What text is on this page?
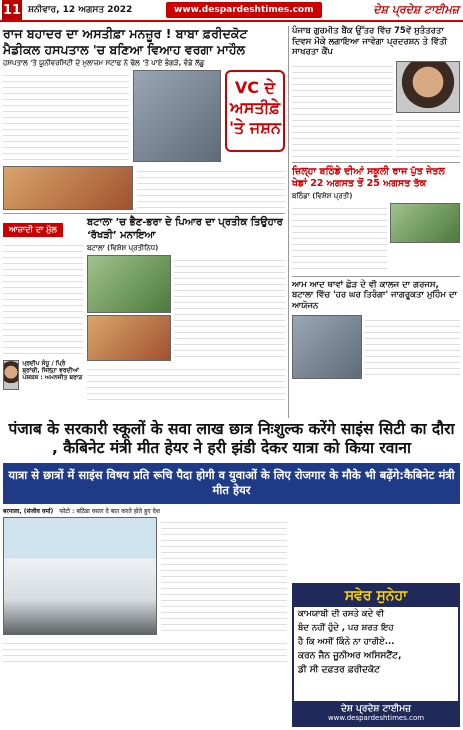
11 ਸ਼ਨੀਵਾਰ, 12 ਅਗਸਤ 2022	www.despardeshtimes.com	ਦੇਸ਼ ਪ੍ਰਦੇਸ਼ ਟਾਈਮਜ਼
ਰਾਜ ਬਹਾਦਰ ਦਾ ਅਸਤੀਫ਼ਾ ਮਨਜ਼ੂਰ ! ਬਾਬਾ ਫ਼ਰੀਦਕੋਟ ਮੈਡੀਕਲ ਹਸਪਤਾਲ 'ਚ ਬਣਿਆ ਵਿਆਹ ਵਰਗਾ ਮਾਹੌਲ
ਹਸਪਤਾਲ 'ਤੇ ਯੂਨੀਵਰਸਿਟੀ ਦੇ ਮੁਲਾਜ਼ਮ ਸਟਾਫ ਨੇ ਢੋਲ 'ਤੇ ਪਾਏ ਭੰਗੜੇ, ਵੰਡੇ ਲੱਡੂ
VC ਦੇ ਅਸਤੀਫ਼ੇ 'ਤੇ ਜਸ਼ਨ
ਆਜ਼ਾਦੀ ਦਾ ਮੁੱਲ
ਪ੍ਰਦੀਪ ਸੰਧੂ / ਪ੍ਰਿੰ ਬ੍ਰਾਂਚੀ, ਜਿਲ੍ਹਾ ਵਰਦੀਆਂ
ਪੇਸ਼ਕਸ਼ : ਅਮਨਜੀਤ ਬਰਾੜ
ਬਟਾਲਾ ’ਚ ਭੈਣ-ਭਰਾ ਦੇ ਪਿਆਰ ਦਾ ਪ੍ਰਤੀਕ ਤਿਉਹਾਰ ‘ਰੱਖੜੀ’ ਮਨਾਇਆ
ਬਟਾਲਾ (ਵਿਸ਼ੇਸ਼ ਪ੍ਰਤੀਨਿਧ)
ਪੰਜਾਬ ਗੁਰਮੀਤ ਬੈਂਕ ਉੱਤਰ ਵਿੱਚ 75ਵੇਂ ਸੁਤੰਤਰਤਾ ਦਿਵਸ ਮੌਕੇ ਲਗਾਇਆ ਜਾਵੇਗਾ ਪ੍ਰਦਰਸ਼ਨ ਤੇ ਵਿੱਤੀ ਸਾਖਰਤਾ ਕੈਂਪ
ਜ਼ਿਲ੍ਹਾ ਬਠਿੰਡੇ ਦੀਆਂ ਸਕੂਲੀ ਰਾਜ ਪੁੱਤ ਜੇਤਲ ਖੇਡਾਂ 22 ਅਗਸਤ ਤੋਂ 25 ਅਗਸਤ ਤੱਕ
ਬਠਿੰਡਾ (ਵਿਸ਼ੇਸ਼ ਪ੍ਰਤੀ)
ਆਮ ਆਦ ਥਾਵਾਂ ਛੋੜ ਦੇ ਵੀ ਕਾਲਜ ਦਾ ਗਰਜਸ, ਬਟਾਲਾ ਵਿੱਚ 'ਹਰ ਘਰ ਤਿਰੰਗਾ' ਜਾਗਰੂਕਤਾ ਮੁਹਿੰਮ ਦਾ ਆਯੋਜਨ
पंजाब के सरकारी स्कूलों के सवा लाख छात्र निःशुल्क करेंगे साइंस सिटी का दौरा , कैबिनेट मंत्री मीत हेयर ने हरी झंडी देकर यात्रा को किया रवाना
यात्रा से छात्रों में साइंस विषय प्रति रूचि पैदा होगी व युवाओं के लिए रोजगार के मौके भी बढ़ेंगे:कैबिनेट मंत्री मीत हेयर
बरनाला, (संजीव वर्मा) फोटो : बठिंडा वस्तर दे बात करते होते हुए देश
ਸਵੇਰ ਸੁਨੇਹਾ
ਕਾਮਯਾਬੀ ਦੀ ਰਸਤੇ ਕਦੇ ਵੀ
ਬੰਦ ਨਹੀਂ ਹੁੰਦੇ , ਪਰ ਸ਼ਰਤ ਇਹ
ਹੈ ਕਿ ਅਸੀਂ ਕਿੰਨੇ ਨਾ ਹਾਰੀਏ...
ਕਰਨ ਜੈਨ ਜੂਨੀਅਰ ਅਸਿਸਟੈਂਟ,
ਡੀ ਸੀ ਦਫ਼ਤਰ ਫ਼ਰੀਦਕੋਟ
ਦੇਸ਼ ਪ੍ਰਦੇਸ਼ ਟਾਈਮਜ਼
www.despardeshtimes.com
